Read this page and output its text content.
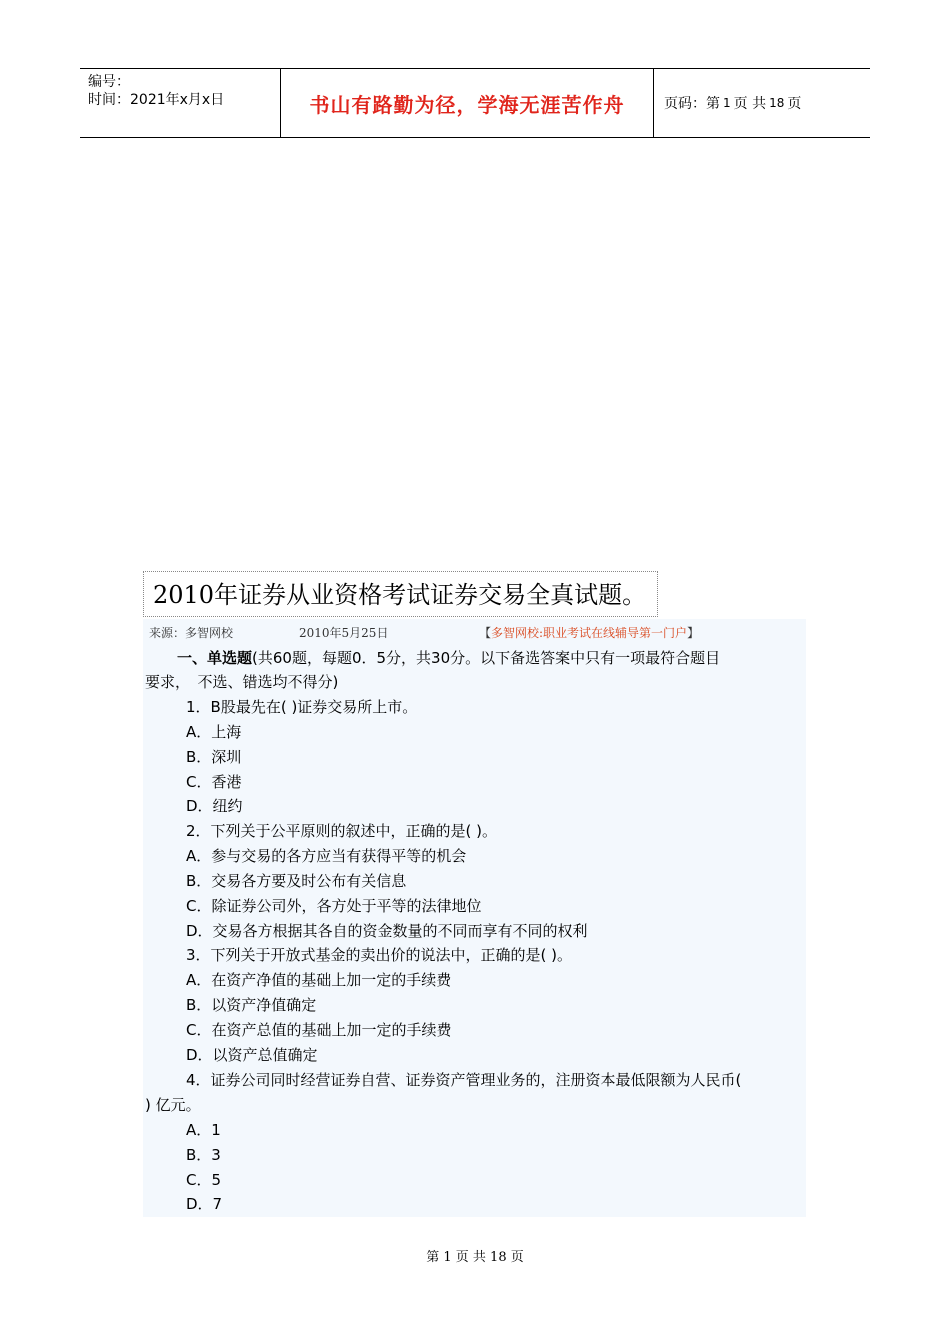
编号：
时间：2021年x月x日	书山有路勤为径，学海无涯苦作舟	页码：第 1 页 共 18 页
2010年证券从业资格考试证券交易全真试题。
来源：多智网校	2010年5月25日	【多智网校:职业考试在线辅导第一门户】
一、单选题(共60题，每题0．5分，共30分。以下备选答案中只有一项最符合题目
要求，　不选、错选均不得分)
1．B股最先在( )证券交易所上市。
A．上海
B．深圳
C．香港
D．纽约
2．下列关于公平原则的叙述中，正确的是( )。
A．参与交易的各方应当有获得平等的机会
B．交易各方要及时公布有关信息
C．除证券公司外，各方处于平等的法律地位
D．交易各方根据其各自的资金数量的不同而享有不同的权利
3．下列关于开放式基金的卖出价的说法中，正确的是( )。
A．在资产净值的基础上加一定的手续费
B．以资产净值确定
C．在资产总值的基础上加一定的手续费
D．以资产总值确定
4．证券公司同时经营证券自营、证券资产管理业务的，注册资本最低限额为人民币(
) 亿元。
A．1
B．3
C．5
D．7
第 1 页 共 18 页
